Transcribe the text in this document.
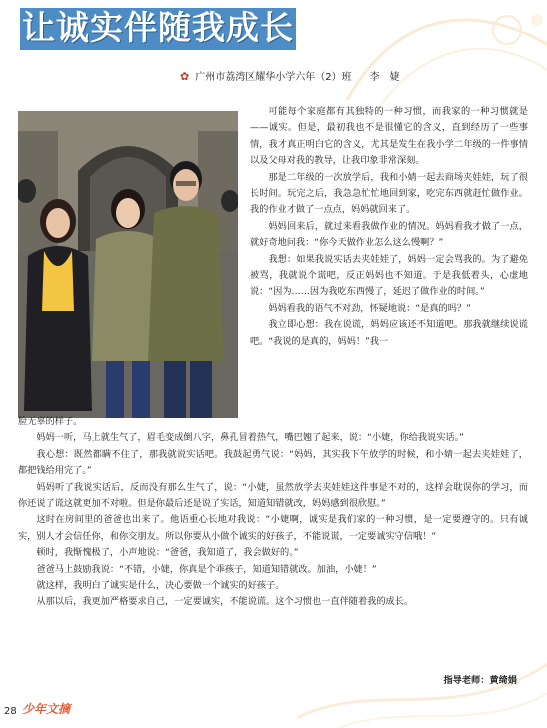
让诚实伴随我成长
✿ 广州市荔湾区耀华小学六年（2）班 李　婕

可能每个家庭都有其独特的一种习惯，而我家的一种习惯就是——诚实。但是，最初我也不是很懂它的含义，直到经历了一些事情，我才真正明白它的含义，尤其是发生在我小学二年级的一件事情以及父母对我的教导，让我印象非常深刻。

那是二年级的一次放学后，我和小婧一起去商场夹娃娃，玩了很长时间。玩完之后，我急急忙忙地回到家，吃完东西就赶忙做作业。我的作业才做了一点点，妈妈就回来了。

妈妈回来后，就过来看我做作业的情况。妈妈看我才做了一点，就好奇地问我：“你今天做作业怎么这么慢啊？”

我想：如果我说实话去夹娃娃了，妈妈一定会骂我的。为了避免被骂，我就说个谎吧，反正妈妈也不知道。于是我低着头，心虚地说：“因为……因为我吃东西慢了，延迟了做作业的时间。”

妈妈看我的语气不对劲，怀疑地说：“是真的吗？”

我立即心想：我在说谎，妈妈应该还不知道吧。那我就继续说谎吧。“我说的是真的，妈妈！”我一

脸无辜的样子。

妈妈一听，马上就生气了，眉毛变成倒八字，鼻孔冒着热气，嘴巴翘了起来，说：“小婕，你给我说实话。”

我心想：既然都瞒不住了，那我就说实话吧。我鼓起勇气说：“妈妈，其实我下午放学的时候，和小婧一起去夹娃娃了，都把钱给用完了。”

妈妈听了我说实话后，反而没有那么生气了，说：“小婕，虽然放学去夹娃娃这件事是不对的，这样会耽误你的学习，而你还说了谎这就更加不对啦。但是你最后还是说了实话，知道知错就改，妈妈感到很欣慰。”

这时在房间里的爸爸也出来了。他语重心长地对我说：“小婕啊，诚实是我们家的一种习惯，是一定要遵守的。只有诚实，别人才会信任你，和你交朋友。所以你要从小做个诚实的好孩子，不能说谎，一定要诚实守信哦！”

顿时，我惭愧极了，小声地说：“爸爸，我知道了，我会做好的。”

爸爸马上鼓励我说：“不错，小婕，你真是个乖孩子，知道知错就改。加油，小婕！”

就这样，我明白了诚实是什么，决心要做一个诚实的好孩子。

从那以后，我更加严格要求自己，一定要诚实，不能说谎。这个习惯也一直伴随着我的成长。

指导老师：黄绮娟
28 少年文摘
